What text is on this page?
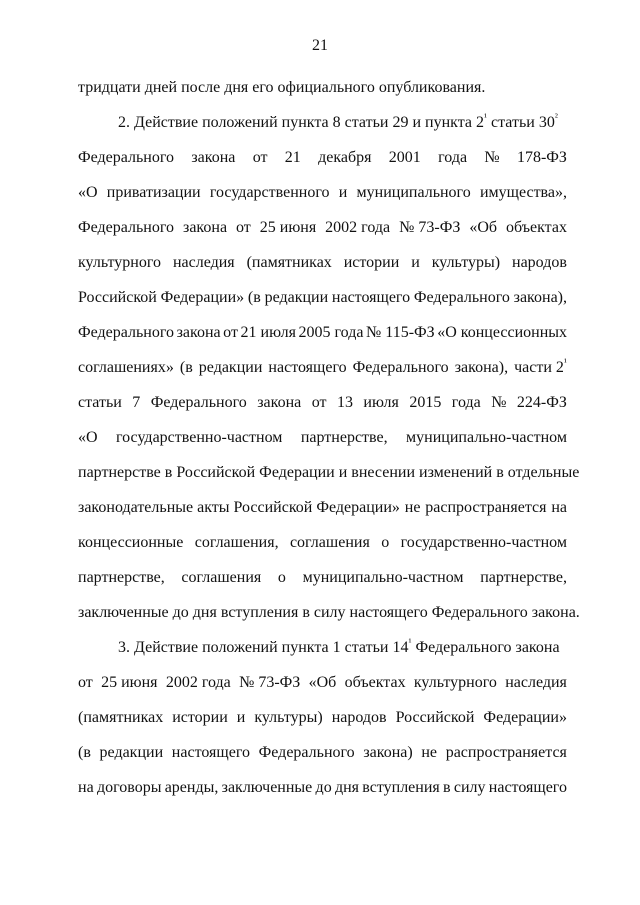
21
тридцати дней после дня его официального опубликования.
2. Действие положений пункта 8 статьи 29 и пункта $2^{^1}$ статьи $30^{^2}$
Федерального закона от 21 декабря 2001 года № 178-ФЗ
«О приватизации государственного и муниципального имущества»,
Федерального закона от 25 июня 2002 года № 73-ФЗ «Об объектах
культурного наследия (памятниках истории и культуры) народов
Российской Федерации» (в редакции настоящего Федерального закона),
Федерального закона от 21 июля 2005 года № 115-ФЗ «О концессионных
соглашениях» (в редакции настоящего Федерального закона), части $2^{^1}$
статьи 7 Федерального закона от 13 июля 2015 года № 224-ФЗ
«О государственно-частном партнерстве, муниципально-частном
партнерстве в Российской Федерации и внесении изменений в отдельные
законодательные акты Российской Федерации» не распространяется на
концессионные соглашения, соглашения о государственно-частном
партнерстве, соглашения о муниципально-частном партнерстве,
заключенные до дня вступления в силу настоящего Федерального закона.
3. Действие положений пункта 1 статьи $14^{^1}$ Федерального закона
от 25 июня 2002 года № 73-ФЗ «Об объектах культурного наследия
(памятниках истории и культуры) народов Российской Федерации»
(в редакции настоящего Федерального закона) не распространяется
на договоры аренды, заключенные до дня вступления в силу настоящего
